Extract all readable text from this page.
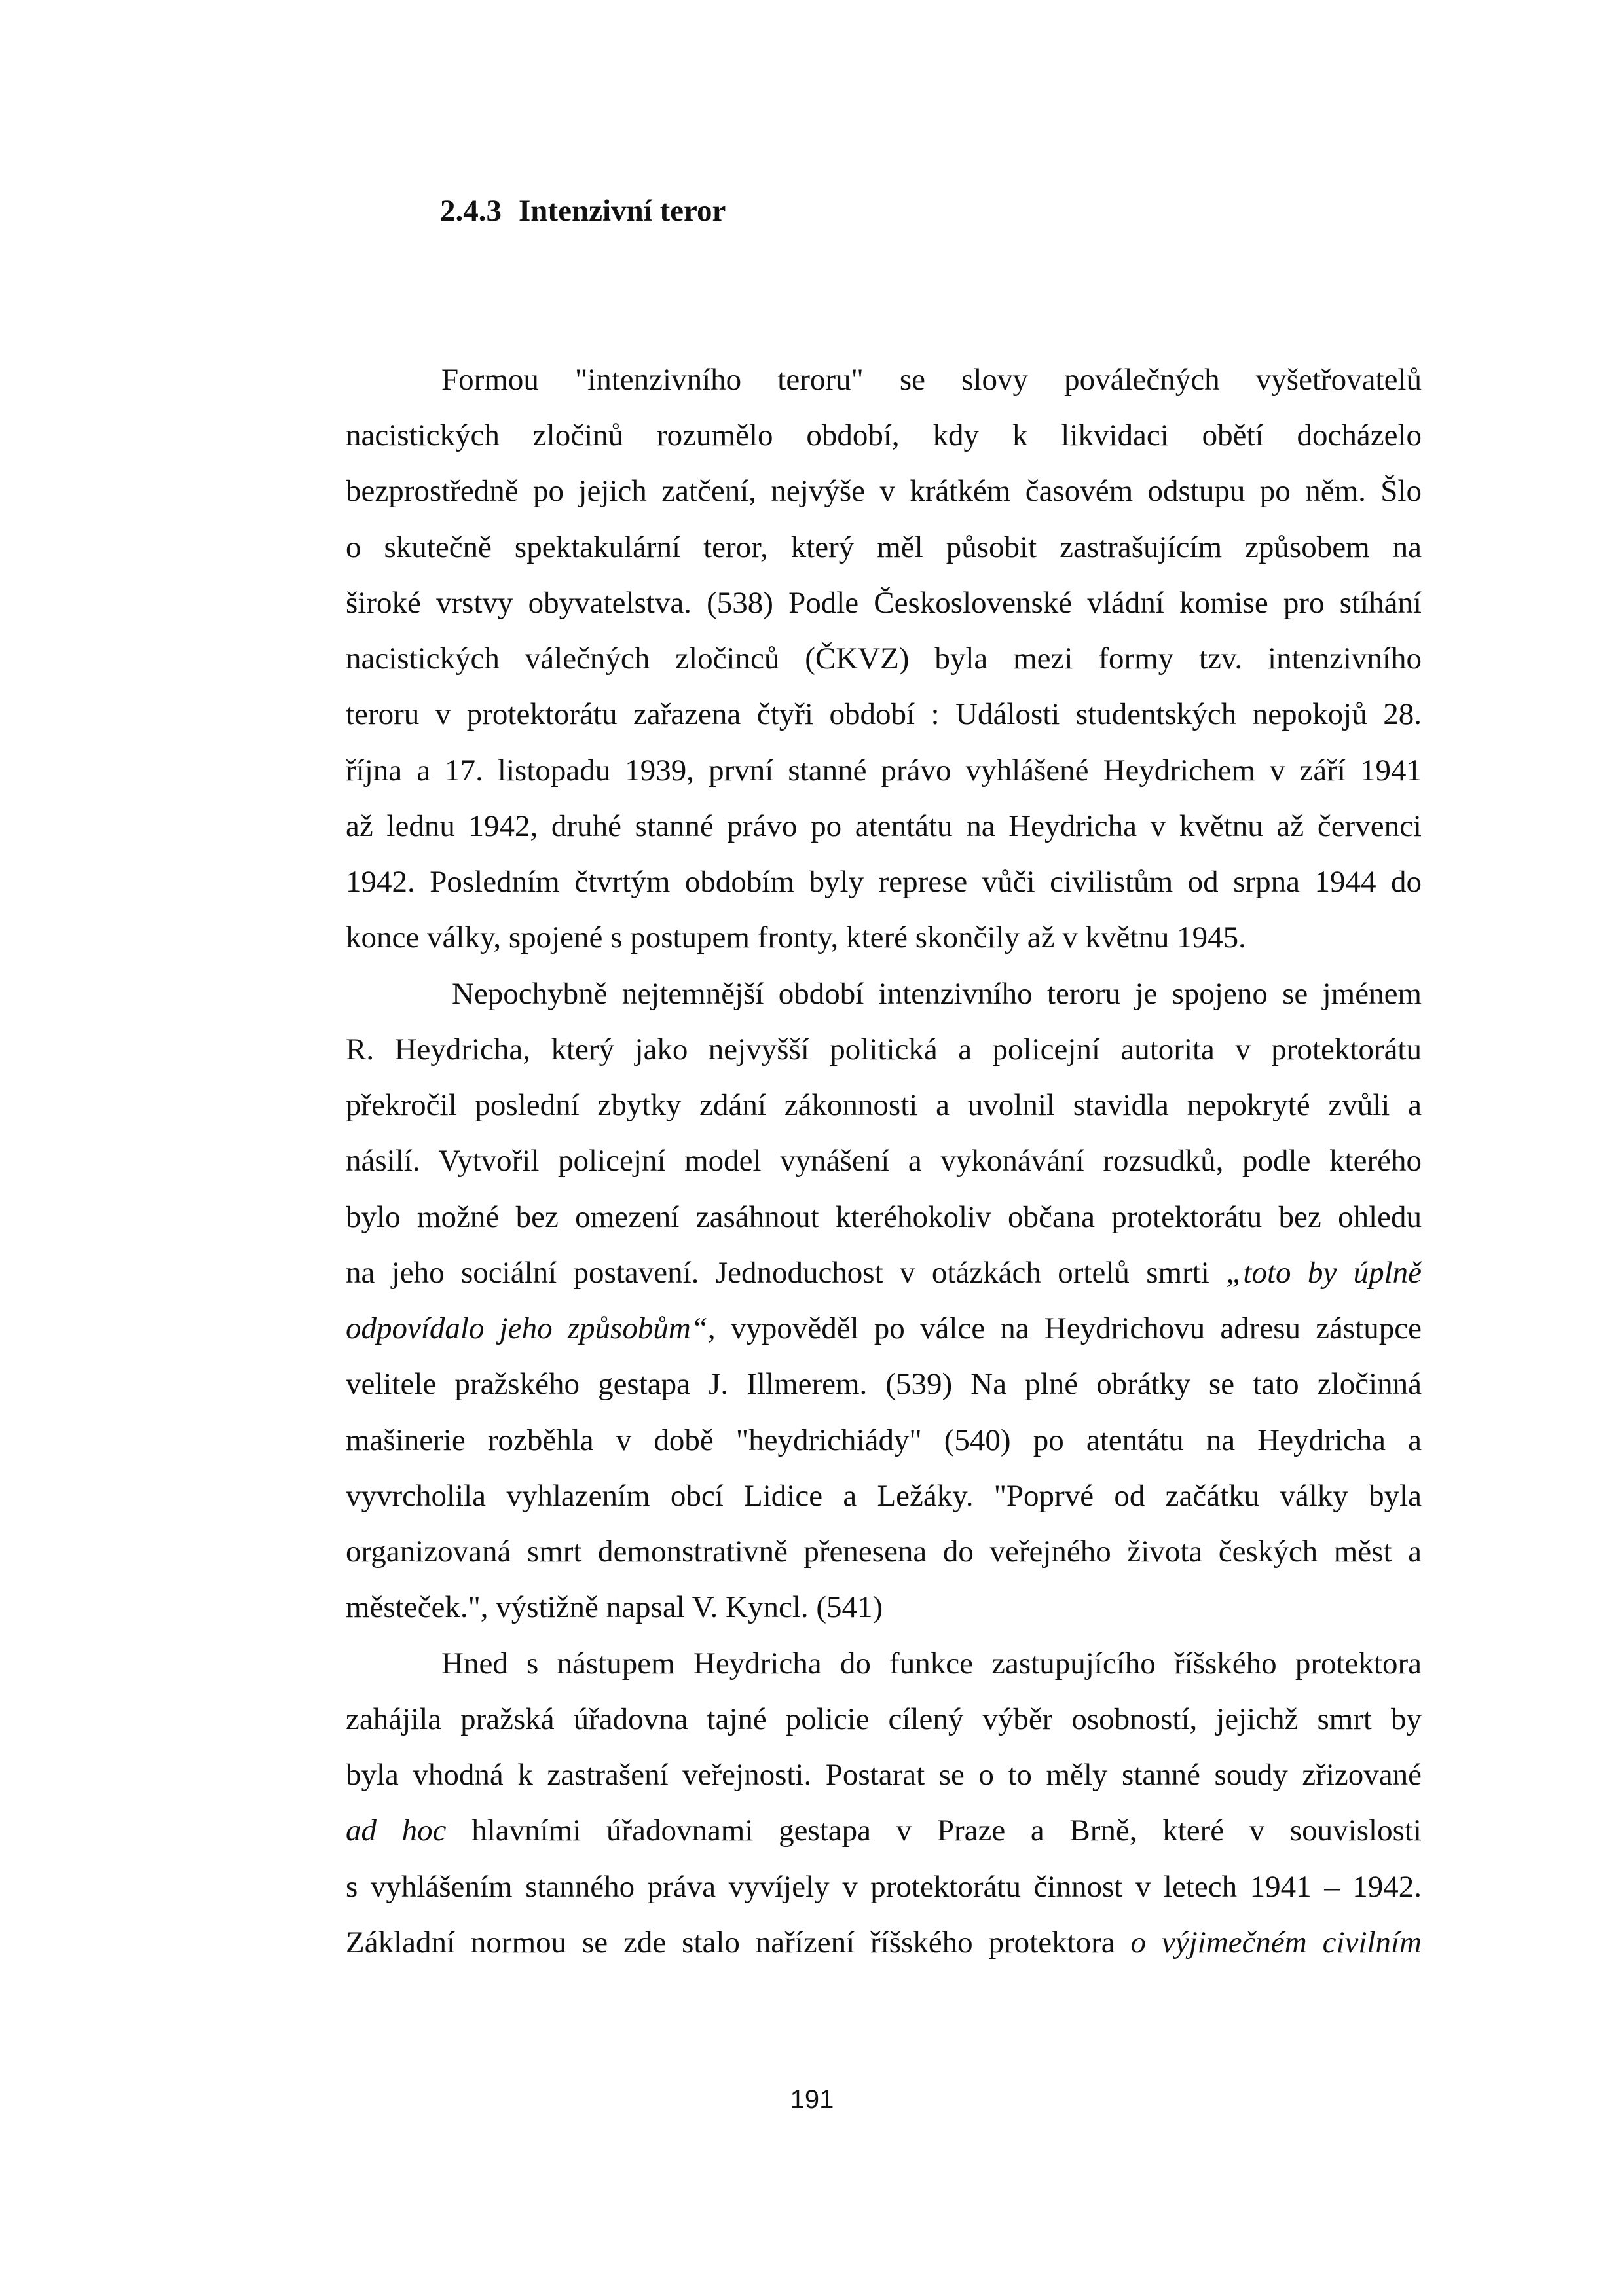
2.4.3 Intenzivní teror
Formou "intenzivního teroru" se slovy poválečných vyšetřovatelů
nacistických zločinů rozumělo období, kdy k likvidaci obětí docházelo
bezprostředně po jejich zatčení, nejvýše v krátkém časovém odstupu po něm. Šlo
o skutečně spektakulární teror, který měl působit zastrašujícím způsobem na
široké vrstvy obyvatelstva. (538) Podle Československé vládní komise pro stíhání
nacistických válečných zločinců (ČKVZ) byla mezi formy tzv. intenzivního
teroru v protektorátu zařazena čtyři období : Události studentských nepokojů 28.
října a 17. listopadu 1939, první stanné právo vyhlášené Heydrichem v září 1941
až lednu 1942, druhé stanné právo po atentátu na Heydricha v květnu až červenci
1942. Posledním čtvrtým obdobím byly represe vůči civilistům od srpna 1944 do
konce války, spojené s postupem fronty, které skončily až v květnu 1945.
Nepochybně nejtemnější období intenzivního teroru je spojeno se jménem
R. Heydricha, který jako nejvyšší politická a policejní autorita v protektorátu
překročil poslední zbytky zdání zákonnosti a uvolnil stavidla nepokryté zvůli a
násilí. Vytvořil policejní model vynášení a vykonávání rozsudků, podle kterého
bylo možné bez omezení zasáhnout kteréhokoliv občana protektorátu bez ohledu
na jeho sociální postavení. Jednoduchost v otázkách ortelů smrti „toto by úplně
odpovídalo jeho způsobům“, vypověděl po válce na Heydrichovu adresu zástupce
velitele pražského gestapa J. Illmerem. (539) Na plné obrátky se tato zločinná
mašinerie rozběhla v době "heydrichiády" (540) po atentátu na Heydricha a
vyvrcholila vyhlazením obcí Lidice a Ležáky. "Poprvé od začátku války byla
organizovaná smrt demonstrativně přenesena do veřejného života českých měst a
městeček.", výstižně napsal V. Kyncl. (541)
Hned s nástupem Heydricha do funkce zastupujícího říšského protektora
zahájila pražská úřadovna tajné policie cílený výběr osobností, jejichž smrt by
byla vhodná k zastrašení veřejnosti. Postarat se o to měly stanné soudy zřizované
ad hoc hlavními úřadovnami gestapa v Praze a Brně, které v souvislosti
s vyhlášením stanného práva vyvíjely v protektorátu činnost v letech 1941 – 1942.
Základní normou se zde stalo nařízení říšského protektora o výjimečném civilním
191
